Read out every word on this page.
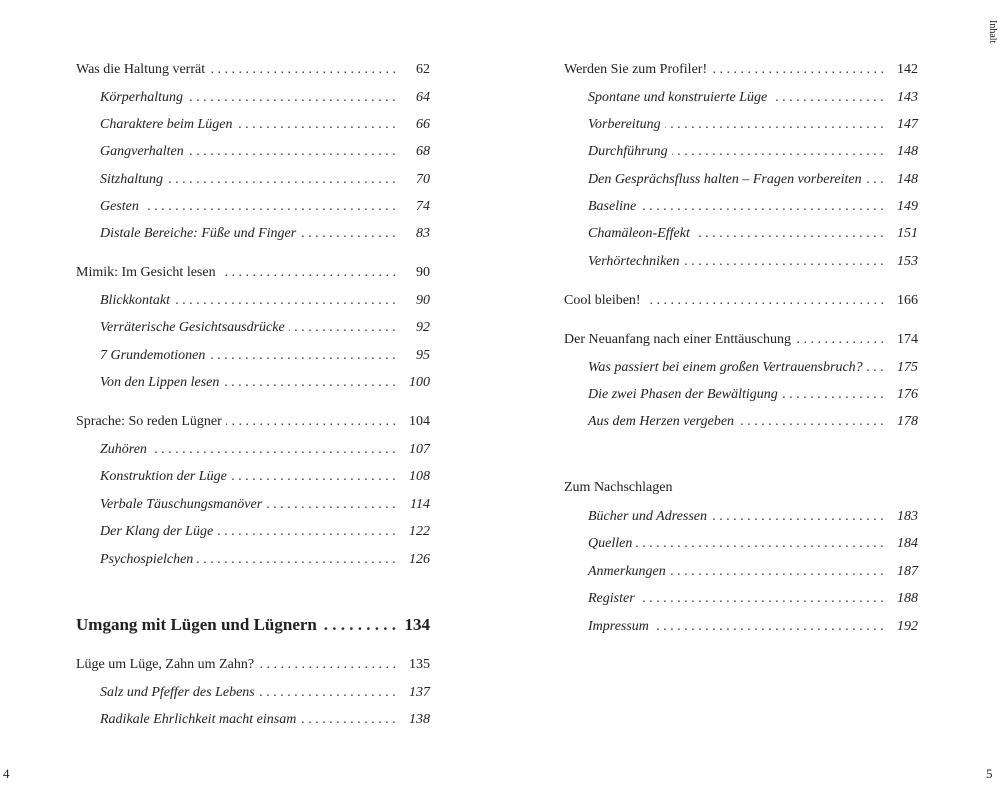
. . .
Was die Haltung verrät	62
. . .
Körperhaltung	64
. . .
Charaktere beim Lügen	66
. . .
Gangverhalten	68
. . .
Sitzhaltung	70
. . .
Gesten	74
. . .
Distale Bereiche: Füße und Finger	83
. . .
Mimik: Im Gesicht lesen	90
. . .
Blickkontakt	90
. . .
Verräterische Gesichtsausdrücke	92
. . .
7 Grundemotionen	95
. . .
Von den Lippen lesen	100
. . .
Sprache: So reden Lügner	104
. . .
Zuhören	107
. . .
Konstruktion der Lüge	108
. . .
Verbale Täuschungsmanöver	114
. . .
Der Klang der Lüge	122
. . .
Psychospielchen	126
. . .
Umgang mit Lügen und Lügnern	134
. . .
Lüge um Lüge, Zahn um Zahn?	135
. . .
Salz und Pfeffer des Lebens	137
. . .
Radikale Ehrlichkeit macht einsam	138
4
Inhalt
. . .
Werden Sie zum Profiler!	142
. . .
Spontane und konstruierte Lüge	143
. . .
Vorbereitung	147
. . .
Durchführung	148
. . .
Den Gesprächsfluss halten – Fragen vorbereiten	148
. . .
Baseline	149
. . .
Chamäleon-Effekt	151
. . .
Verhörtechniken	153
. . .
Cool bleiben!	166
. . .
Der Neuanfang nach einer Enttäuschung	174
. . .
Was passiert bei einem großen Vertrauensbruch? 175
. . .
Die zwei Phasen der Bewältigung	176
. . .
Aus dem Herzen vergeben	178
Zum Nachschlagen
. . .
Bücher und Adressen	183
. . .
Quellen	184
. . .
Anmerkungen	187
. . .
Register	188
. . .
Impressum	192
5
